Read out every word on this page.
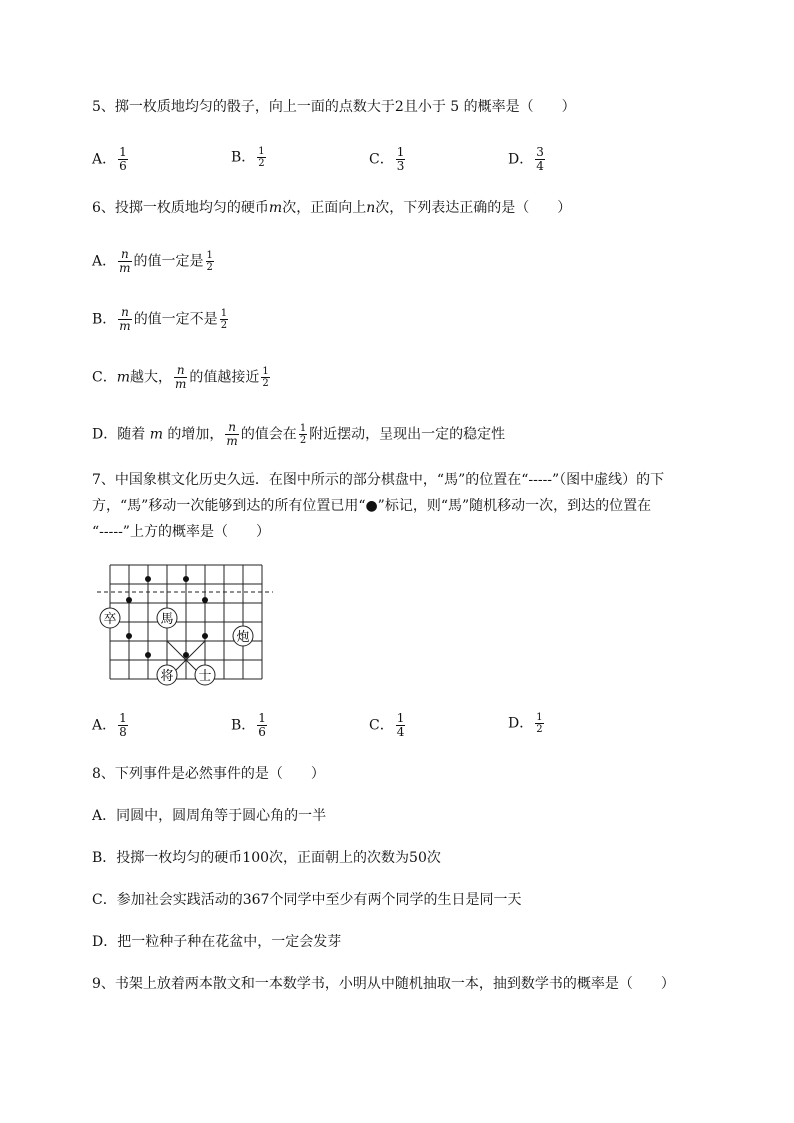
5、掷一枚质地均匀的骰子，向上一面的点数大于2且小于 5 的概率是（　　）
A． $\frac{1}{6}$	B． $\frac{1}{2}$	C． $\frac{1}{3}$	D． $\frac{3}{4}$
6、投掷一枚质地均匀的硬币m次，正面向上n次，下列表达正确的是（　　）
A． $\frac{n}{m}$ 的值一定是 $\frac{1}{2}$
B． $\frac{n}{m}$ 的值一定不是 $\frac{1}{2}$
C．m越大， $\frac{n}{m}$ 的值越接近 $\frac{1}{2}$
D．随着 m 的增加， $\frac{n}{m}$ 的值会在 $\frac{1}{2}$ 附近摆动，呈现出一定的稳定性
7、中国象棋文化历史久远．在图中所示的部分棋盘中，“馬”的位置在“-----”（图中虚线）的下
方，“馬”移动一次能够到达的所有位置已用“●”标记，则“馬”随机移动一次，到达的位置在
“-----”上方的概率是（　　）
卒	馬
炮
将 士
A． $\frac{1}{8}$	B． $\frac{1}{6}$	C． $\frac{1}{4}$	D． $\frac{1}{2}$
8、下列事件是必然事件的是（　　）
A．同圆中，圆周角等于圆心角的一半
B．投掷一枚均匀的硬币100次，正面朝上的次数为50次
C．参加社会实践活动的367个同学中至少有两个同学的生日是同一天
D．把一粒种子种在花盆中，一定会发芽
9、书架上放着两本散文和一本数学书，小明从中随机抽取一本，抽到数学书的概率是（　　）
